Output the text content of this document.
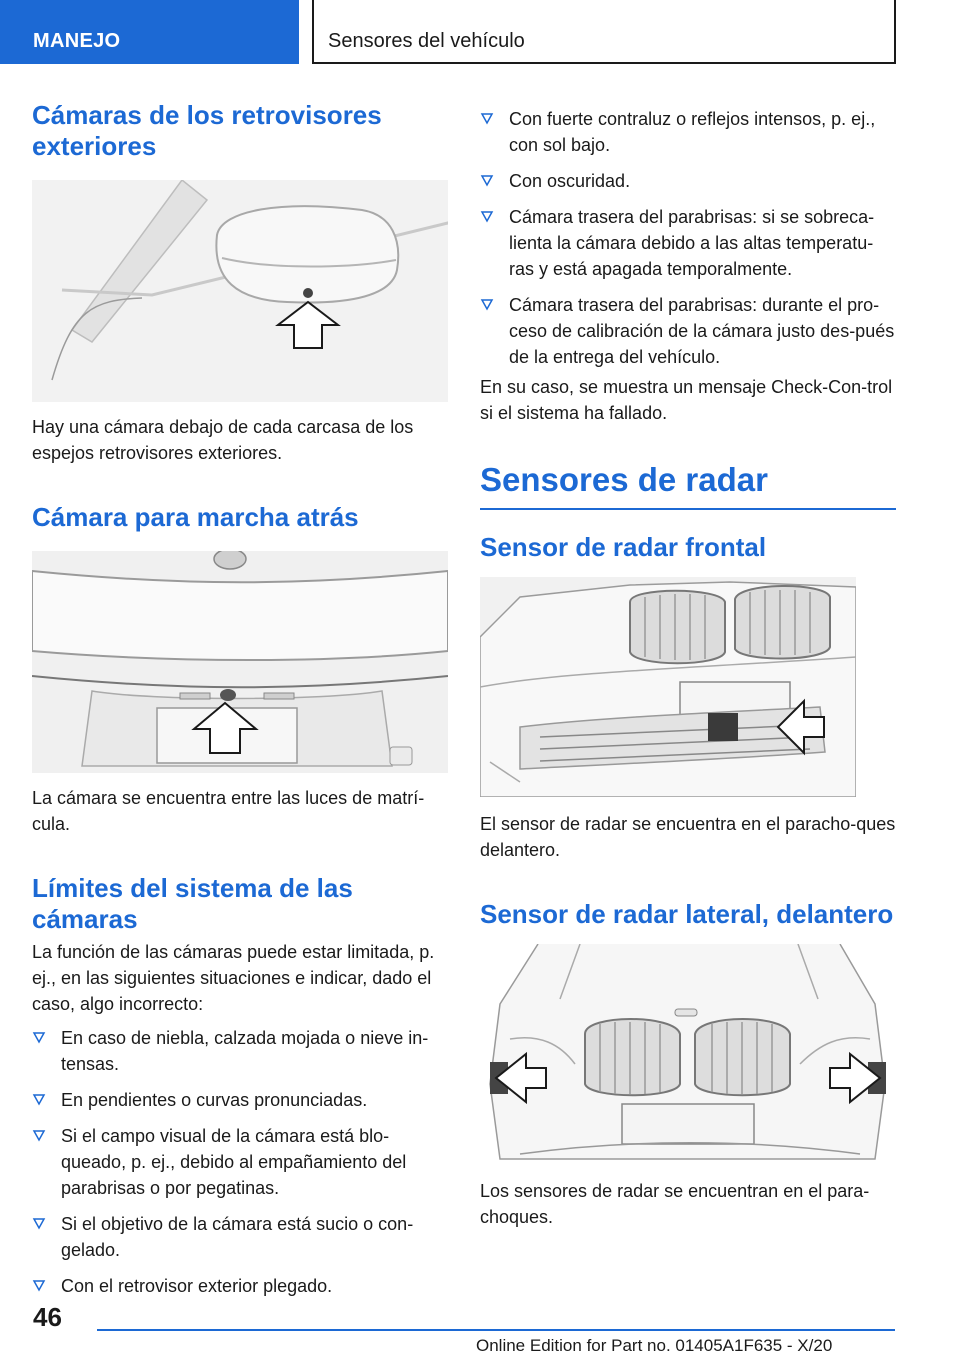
MANEJO	Sensores del vehículo
Cámaras de los retrovisores exteriores
Hay una cámara debajo de cada carcasa de los espejos retrovisores exteriores.
Cámara para marcha atrás
La cámara se encuentra entre las luces de matrí-cula.
Límites del sistema de las cámaras
La función de las cámaras puede estar limitada, p. ej., en las siguientes situaciones e indicar, dado el caso, algo incorrecto:
En caso de niebla, calzada mojada o nieve in-tensas.
En pendientes o curvas pronunciadas.
Si el campo visual de la cámara está blo-queado, p. ej., debido al empañamiento del parabrisas o por pegatinas.
Si el objetivo de la cámara está sucio o con-gelado.
Con el retrovisor exterior plegado.
Con fuerte contraluz o reflejos intensos, p. ej., con sol bajo.
Con oscuridad.
Cámara trasera del parabrisas: si se sobreca-lienta la cámara debido a las altas temperatu-ras y está apagada temporalmente.
Cámara trasera del parabrisas: durante el pro-ceso de calibración de la cámara justo des-pués de la entrega del vehículo.
En su caso, se muestra un mensaje Check-Con-trol si el sistema ha fallado.
Sensores de radar
Sensor de radar frontal
El sensor de radar se encuentra en el paracho-ques delantero.
Sensor de radar lateral, delantero
Los sensores de radar se encuentran en el para-choques.
46
Online Edition for Part no. 01405A1F635 - X/20
